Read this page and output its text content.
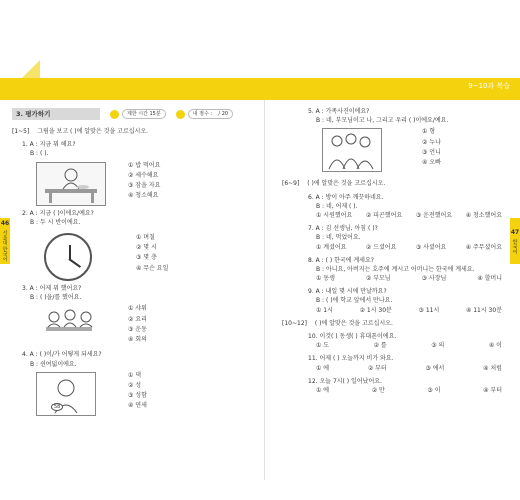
9~10과 복습
46
서울대 한국어	47
한국어
3. 평가하기	제한 시간 15분	내 점수 : / 20
[1~5] 그림을 보고 ( )에 알맞은 것을 고르십시오.
1. A : 지금 뭐 해요?
B : ( ).
① 밥 먹어요
② 세수해요
③ 잠을 자요
④ 청소해요
2. A : 지금 ( )이에요/예요?
B : 두 시 반이에요.
① 며칠
② 몇 시
③ 몇 층
④ 무슨 요일
3. A : 어제 뭐 했어요?
B : ( )을/를 했어요.
① 샤워
② 요리
③ 운동
④ 회의
4. A : ( )이/가 어떻게 되세요?
B : 쉰여덟이에요.
58
① 댁
② 성
③ 성함
④ 연세
5. A : 가족사진이에요?
B : 네, 부모님이고 나, 그리고 우리 ( )이에요/예요.
① 형
② 누나
③ 언니
④ 오빠
[6~9] ( )에 알맞은 것을 고르십시오.
6. A : 방이 아주 깨끗하네요.
B : 네, 어제 ( ).
① 시원했어요 ② 피곤했어요 ③ 운전했어요 ④ 청소했어요
7. A : 김 선생님, 아침 ( )?
B : 네, 먹었어요.
① 계셨어요	② 드셨어요	③ 사셨어요	④ 주무셨어요
8. A : ( ) 한국에 계세요?
B : 아니요, 아버지는 호주에 계시고 어머니는 한국에 계세요.
① 동생	② 부모님	③ 사장님	④ 할머니
9. A : 내일 몇 시에 만날까요?
B : ( )에 학교 앞에서 만나요.
① 1시	② 1시 30분	③ 11시	④ 11시 30분
[10~12] ( )에 알맞은 것을 고르십시오.
10. 이것( ) 동생( ) 휴대폰이에요.
① 도	② 를	③ 의	④ 이
11. 어제 ( ) 오늘까지 비가 와요.
① 에	② 부터	③ 에서	④ 처럼
12. 오늘 7시( ) 일어났어요.
① 에	② 만	③ 이	④ 부터
